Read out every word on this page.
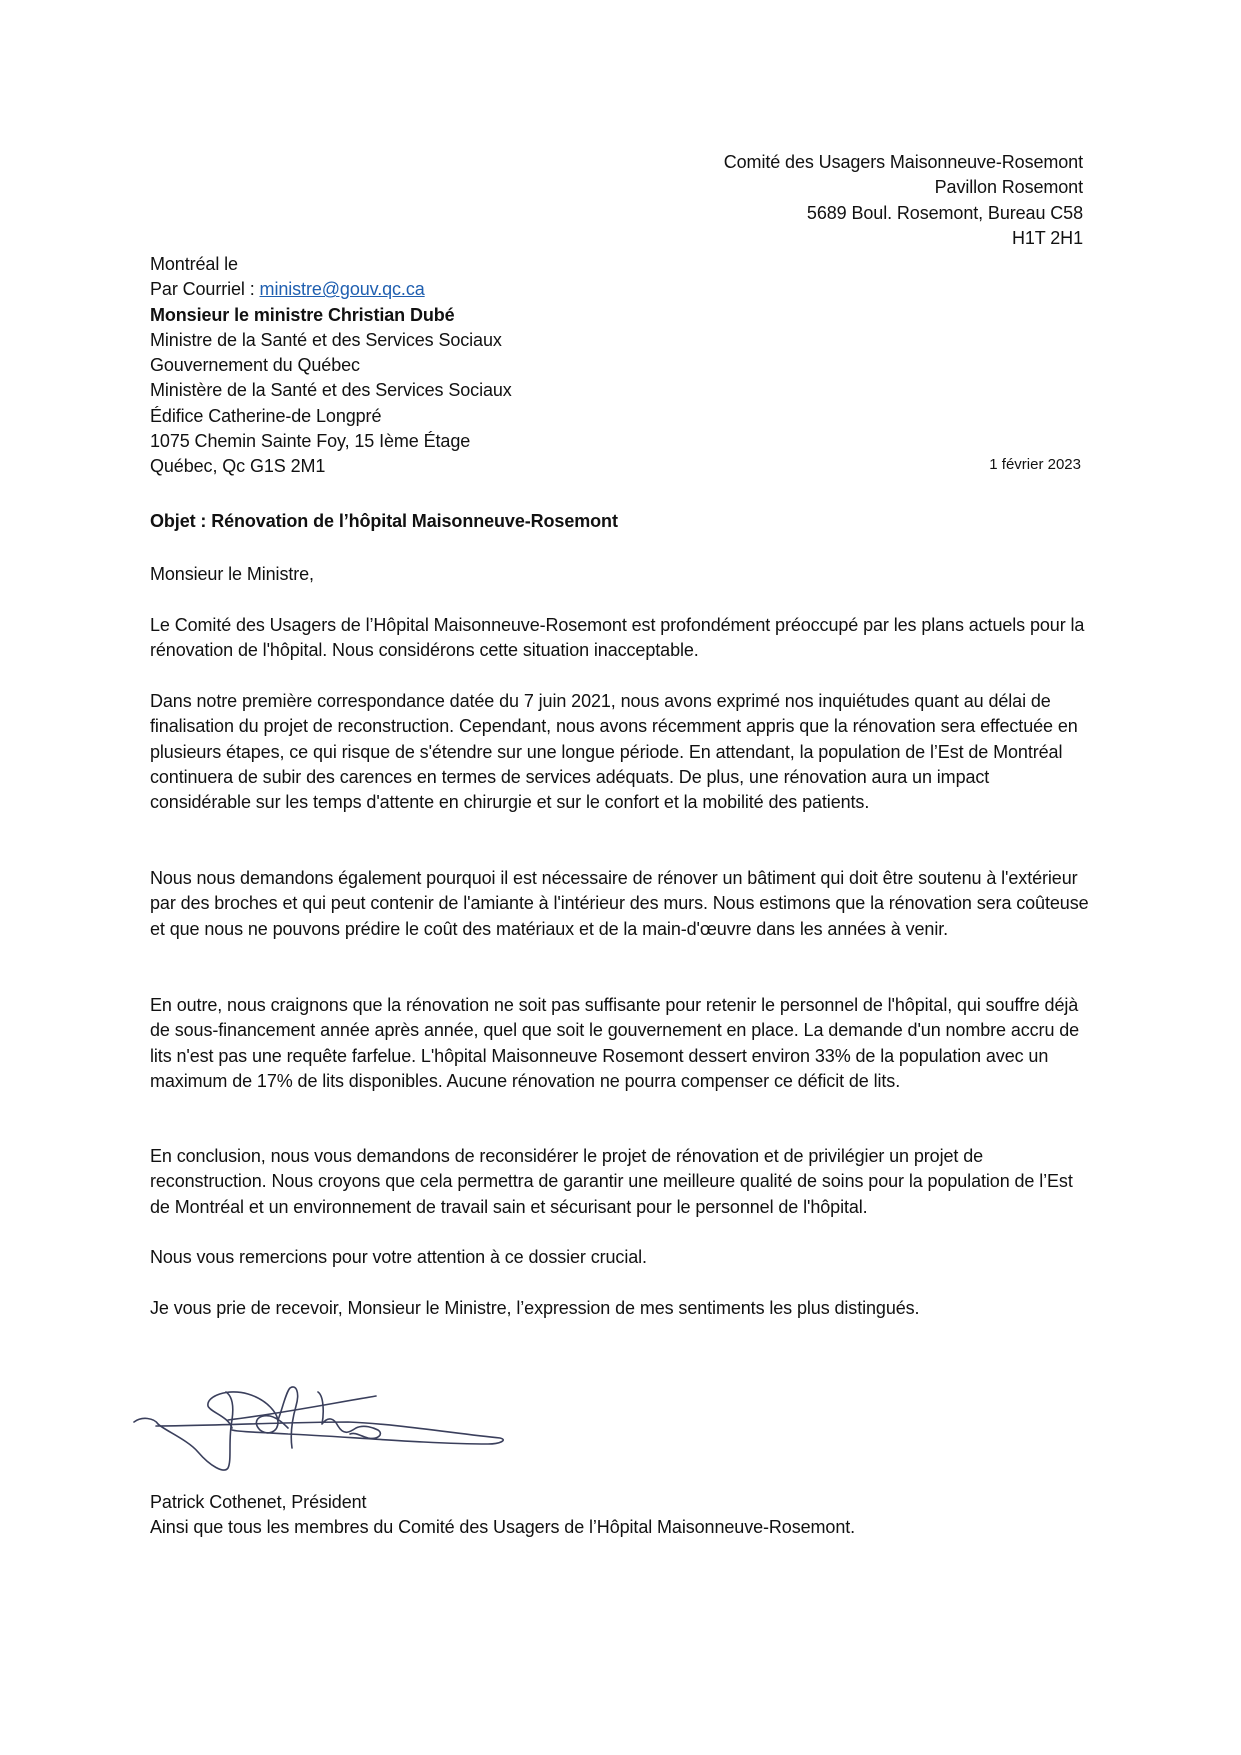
Comité des Usagers Maisonneuve-Rosemont
Pavillon Rosemont
5689 Boul. Rosemont, Bureau C58
H1T 2H1
Montréal le
Par Courriel : ministre@gouv.qc.ca
Monsieur le ministre Christian Dubé
Ministre de la Santé et des Services Sociaux
Gouvernement du Québec
Ministère de la Santé et des Services Sociaux
Édifice Catherine-de Longpré
1075 Chemin Sainte Foy, 15 Ième Étage
Québec, Qc G1S 2M1	1 février 2023
Objet : Rénovation de l’hôpital Maisonneuve-Rosemont
Monsieur le Ministre,

Le Comité des Usagers de l’Hôpital Maisonneuve-Rosemont est profondément préoccupé par les plans actuels pour la rénovation de l'hôpital. Nous considérons cette situation inacceptable.

Dans notre première correspondance datée du 7 juin 2021, nous avons exprimé nos inquiétudes quant au délai de finalisation du projet de reconstruction. Cependant, nous avons récemment appris que la rénovation sera effectuée en plusieurs étapes, ce qui risque de s'étendre sur une longue période. En attendant, la population de l’Est de Montréal continuera de subir des carences en termes de services adéquats. De plus, une rénovation aura un impact considérable sur les temps d'attente en chirurgie et sur le confort et la mobilité des patients.

Nous nous demandons également pourquoi il est nécessaire de rénover un bâtiment qui doit être soutenu à l'extérieur par des broches et qui peut contenir de l'amiante à l'intérieur des murs. Nous estimons que la rénovation sera coûteuse et que nous ne pouvons prédire le coût des matériaux et de la main-d'œuvre dans les années à venir.

En outre, nous craignons que la rénovation ne soit pas suffisante pour retenir le personnel de l'hôpital, qui souffre déjà de sous-financement année après année, quel que soit le gouvernement en place. La demande d'un nombre accru de lits n'est pas une requête farfelue. L'hôpital Maisonneuve Rosemont dessert environ 33% de la population avec un maximum de 17% de lits disponibles. Aucune rénovation ne pourra compenser ce déficit de lits.

En conclusion, nous vous demandons de reconsidérer le projet de rénovation et de privilégier un projet de reconstruction. Nous croyons que cela permettra de garantir une meilleure qualité de soins pour la population de l’Est de Montréal et un environnement de travail sain et sécurisant pour le personnel de l'hôpital.

Nous vous remercions pour votre attention à ce dossier crucial.

Je vous prie de recevoir, Monsieur le Ministre, l’expression de mes sentiments les plus distingués.

Patrick Cothenet, Président
Ainsi que tous les membres du Comité des Usagers de l’Hôpital Maisonneuve-Rosemont.
